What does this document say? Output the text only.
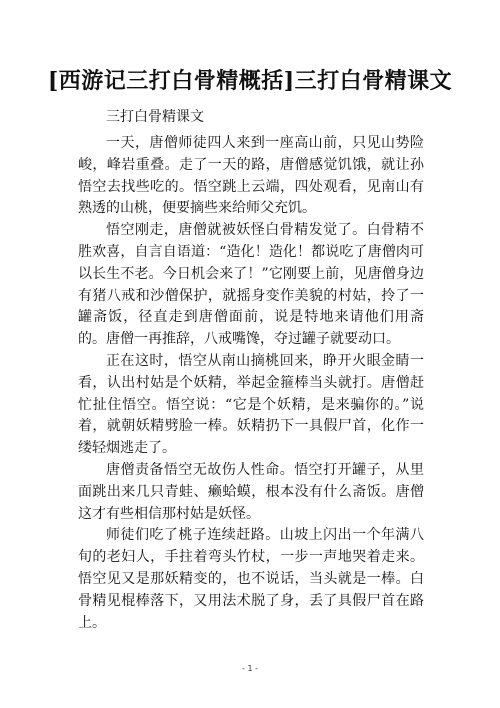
[西游记三打白骨精概括]三打白骨精课文
三打白骨精课文

一天，唐僧师徒四人来到一座高山前，只见山势险峻，峰岩重叠。走了一天的路，唐僧感觉饥饿，就让孙悟空去找些吃的。悟空跳上云端，四处观看，见南山有熟透的山桃，便要摘些来给师父充饥。

悟空刚走，唐僧就被妖怪白骨精发觉了。白骨精不胜欢喜，自言自语道：“造化！造化！都说吃了唐僧肉可以长生不老。今日机会来了！”它刚要上前，见唐僧身边有猪八戒和沙僧保护，就摇身变作美貌的村姑，拎了一罐斋饭，径直走到唐僧面前，说是特地来请他们用斋的。唐僧一再推辞，八戒嘴馋，夺过罐子就要动口。

正在这时，悟空从南山摘桃回来，睁开火眼金睛一看，认出村姑是个妖精，举起金箍棒当头就打。唐僧赶忙扯住悟空。悟空说：“它是个妖精，是来骗你的。”说着，就朝妖精劈脸一棒。妖精扔下一具假尸首，化作一缕轻烟逃走了。

唐僧责备悟空无故伤人性命。悟空打开罐子，从里面跳出来几只青蛙、癞蛤蟆，根本没有什么斋饭。唐僧这才有些相信那村姑是妖怪。

师徒们吃了桃子连续赶路。山坡上闪出一个年满八旬的老妇人，手拄着弯头竹杖，一步一声地哭着走来。悟空见又是那妖精变的，也不说话，当头就是一棒。白骨精见棍棒落下，又用法术脱了身，丢了具假尸首在路上。

- 1 -
